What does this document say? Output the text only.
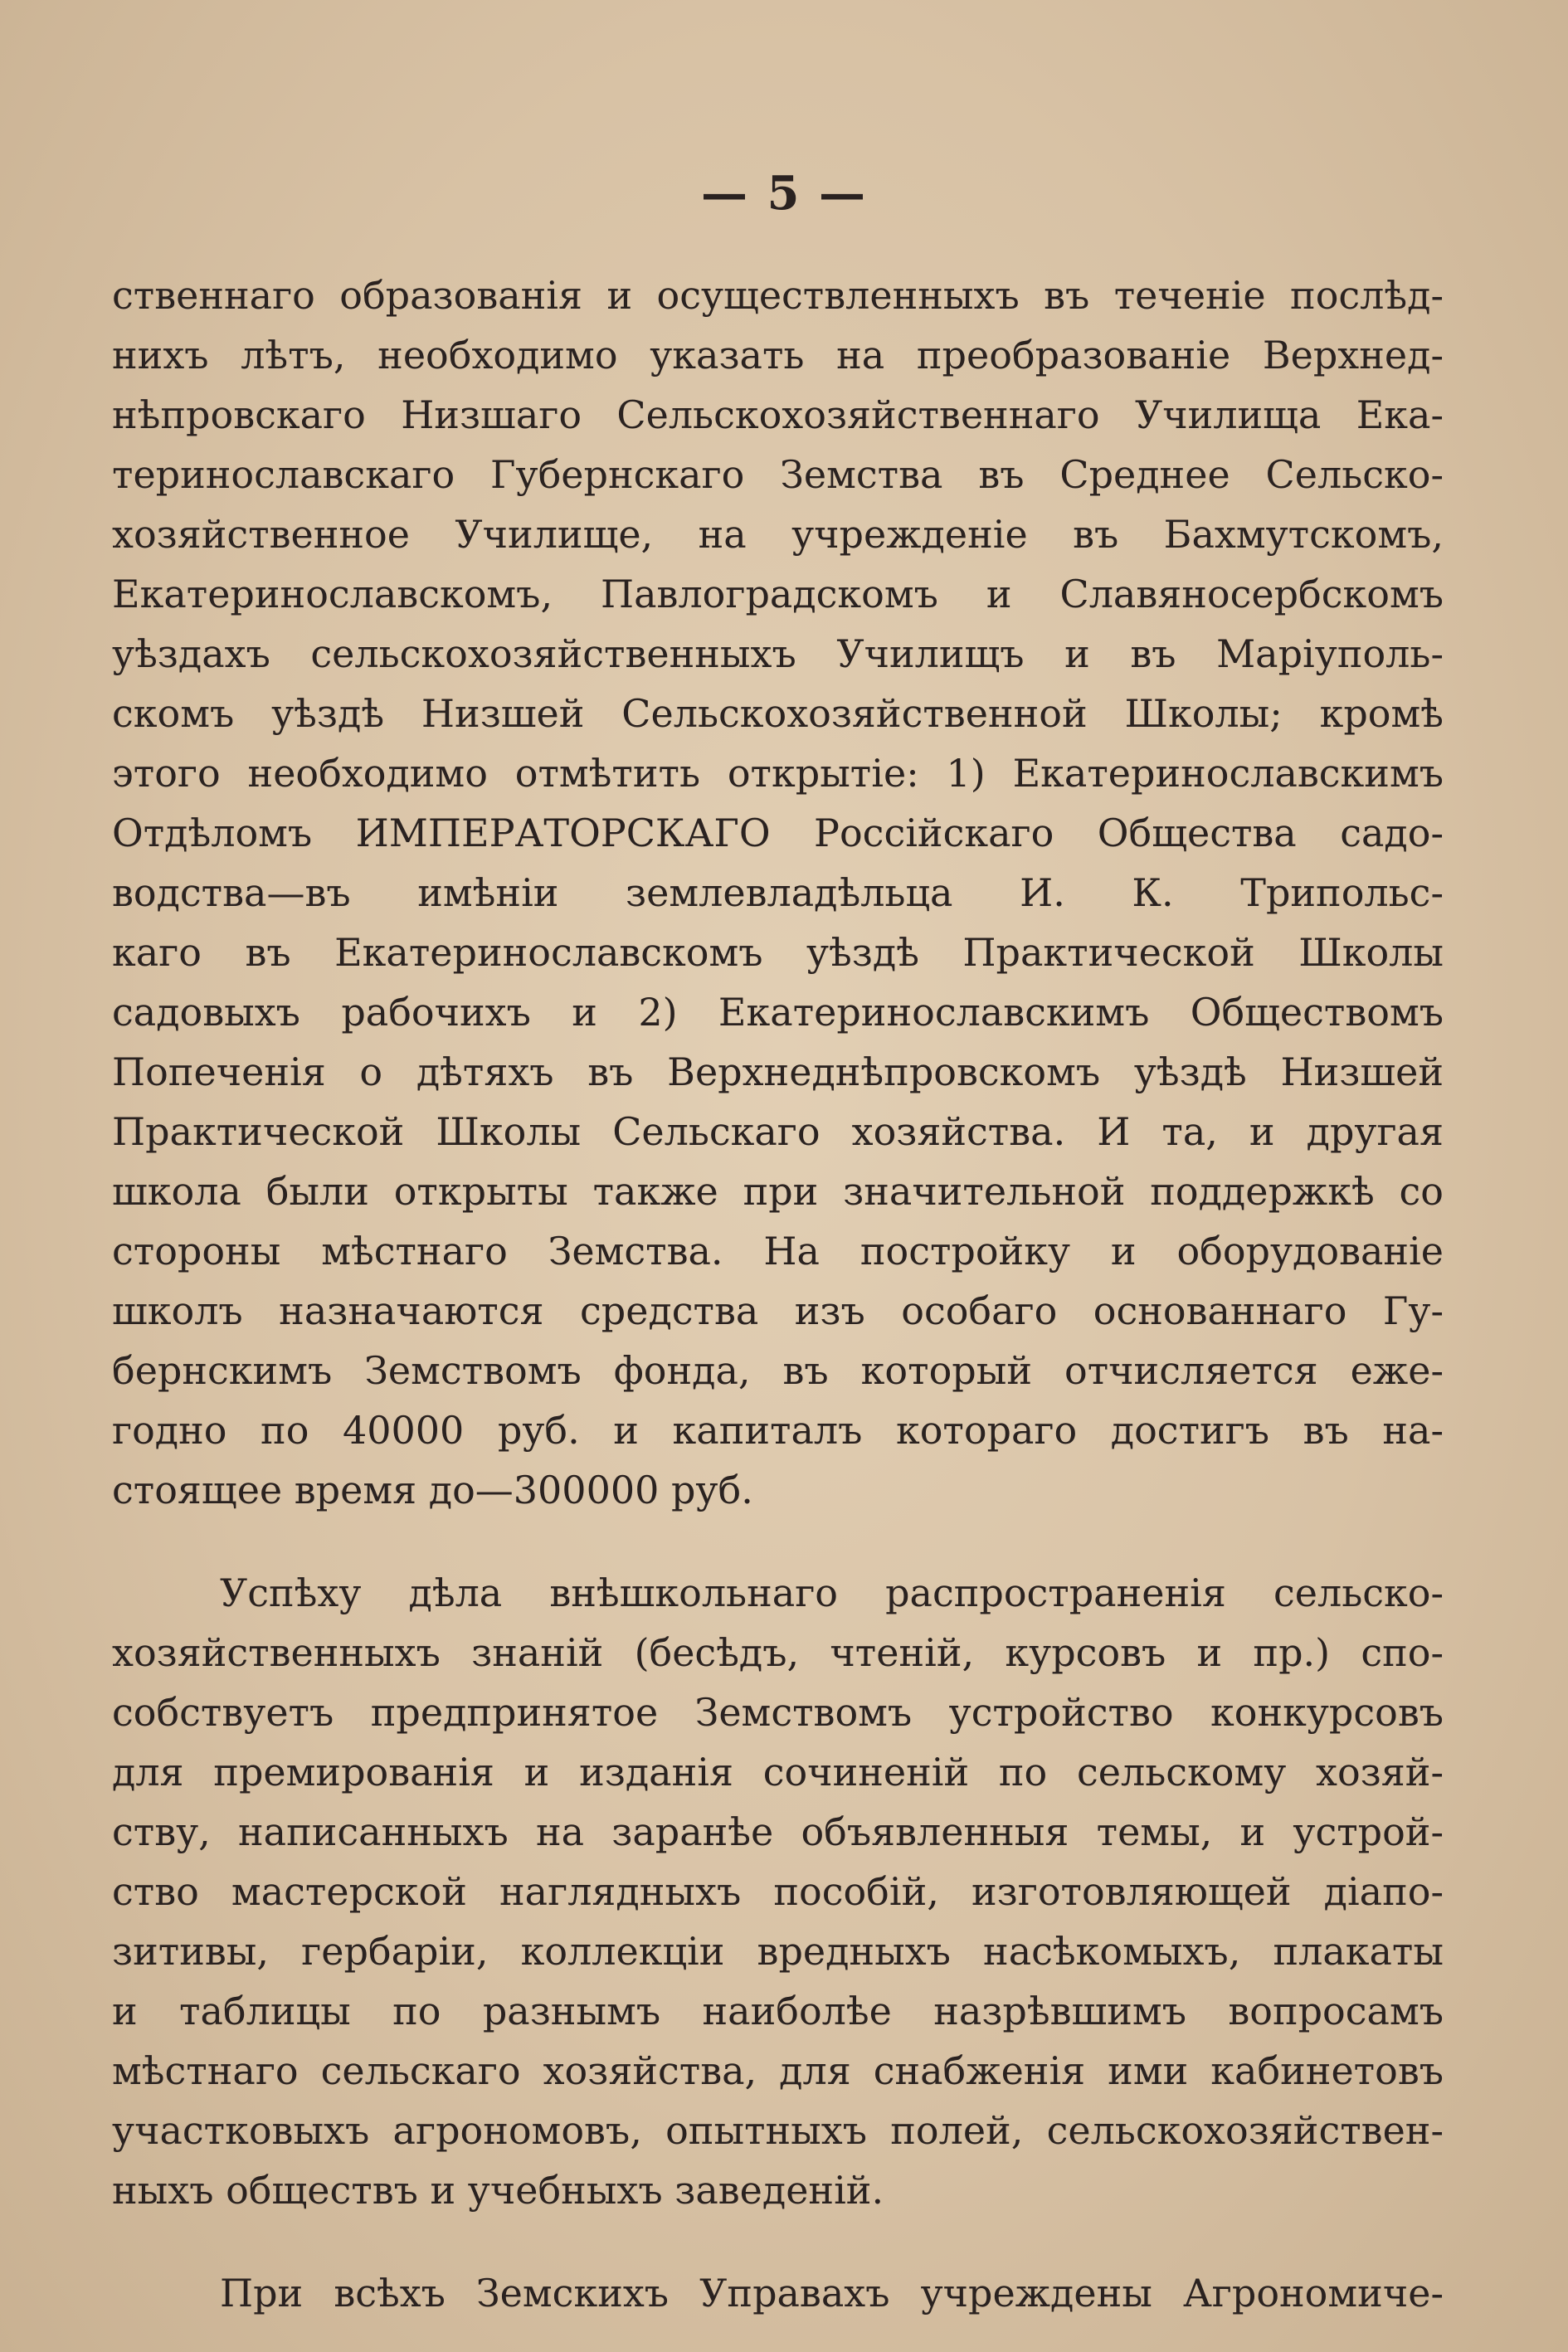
— 5 —
ственнаго образованія и осуществленныхъ въ теченіе послѣд-
нихъ лѣтъ, необходимо указать на преобразованіе Верхнед-
нѣпровскаго Низшаго Сельскохозяйственнаго Училища Ека-
теринославскаго Губернскаго Земства въ Среднее Сельско-
хозяйственное Училище, на учрежденіе въ Бахмутскомъ,
Екатеринославскомъ, Павлоградскомъ и Славяносербскомъ
уѣздахъ сельскохозяйственныхъ Училищъ и въ Маріуполь-
скомъ уѣздѣ Низшей Сельскохозяйственной Школы; кромѣ
этого необходимо отмѣтить открытіе: 1) Екатеринославскимъ
Отдѣломъ ИМПЕРАТОРСКАГО Россійскаго Общества садо-
водства—въ имѣніи землевладѣльца И. К. Трипольс-
каго въ Екатеринославскомъ уѣздѣ Практической Школы
садовыхъ рабочихъ и 2) Екатеринославскимъ Обществомъ
Попеченія о дѣтяхъ въ Верхнеднѣпровскомъ уѣздѣ Низшей
Практической Школы Сельскаго хозяйства. И та, и другая
школа были открыты также при значительной поддержкѣ со
стороны мѣстнаго Земства. На постройку и оборудованіе
школъ назначаются средства изъ особаго основаннаго Гу-
бернскимъ Земствомъ фонда, въ который отчисляется еже-
годно по 40000 руб. и капиталъ котораго достигъ въ на-
стоящее время до—300000 руб.
Успѣху дѣла внѣшкольнаго распространенія сельско-
хозяйственныхъ знаній (бесѣдъ, чтеній, курсовъ и пр.) спо-
собствуетъ предпринятое Земствомъ устройство конкурсовъ
для премированія и изданія сочиненій по сельскому хозяй-
ству, написанныхъ на заранѣе объявленныя темы, и устрой-
ство мастерской наглядныхъ пособій, изготовляющей діапо-
зитивы, гербаріи, коллекціи вредныхъ насѣкомыхъ, плакаты
и таблицы по разнымъ наиболѣе назрѣвшимъ вопросамъ
мѣстнаго сельскаго хозяйства, для снабженія ими кабинетовъ
участковыхъ агрономовъ, опытныхъ полей, сельскохозяйствен-
ныхъ обществъ и учебныхъ заведеній.
При всѣхъ Земскихъ Управахъ учреждены Агрономиче-
